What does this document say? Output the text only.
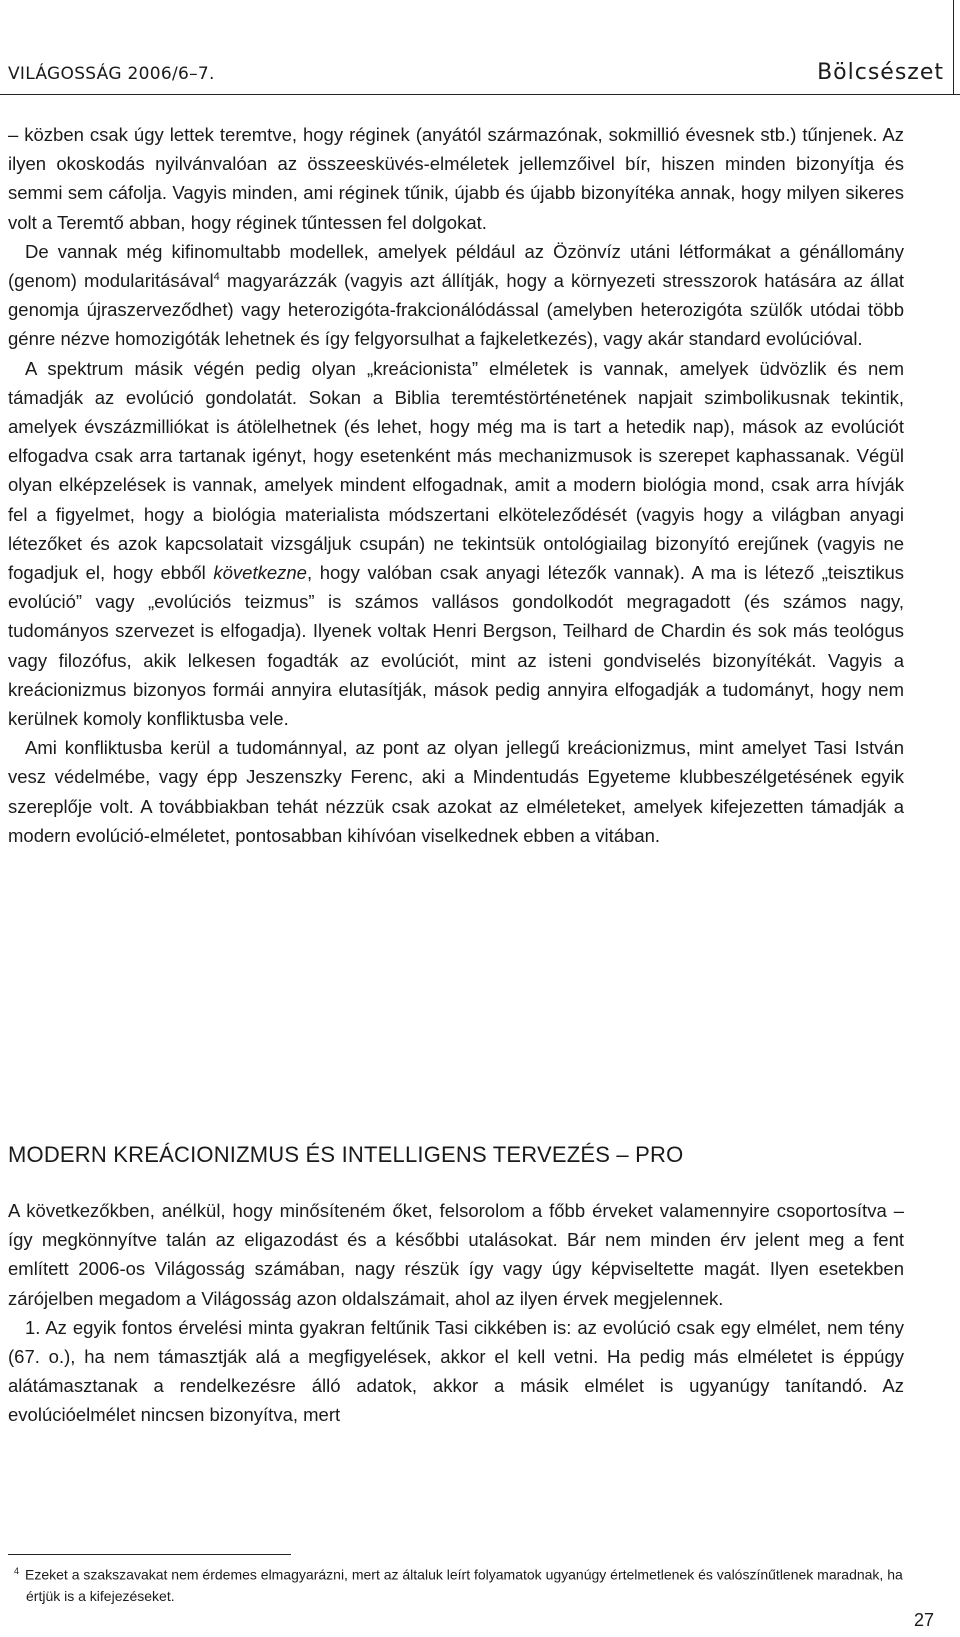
VILÁGOSSÁG 2006/6–7.	Bölcsészet

– közben csak úgy lettek teremtve, hogy réginek (anyától származónak, sokmillió évesnek stb.) tűnjenek. Az ilyen okoskodás nyilvánvalóan az összeesküvés-elméletek jellemzőivel bír, hiszen minden bizonyítja és semmi sem cáfolja. Vagyis minden, ami réginek tűnik, újabb és újabb bizonyítéka annak, hogy milyen sikeres volt a Teremtő abban, hogy réginek tűntessen fel dolgokat.

De vannak még kifinomultabb modellek, amelyek például az Özönvíz utáni létformákat a génállomány (genom) modularitásával$^4$ magyarázzák (vagyis azt állítják, hogy a környezeti stresszorok hatására az állat genomja újraszerveződhet) vagy heterozigóta-frakcionálódással (amelyben heterozigóta szülők utódai több génre nézve homozigóták lehetnek és így felgyorsulhat a fajkeletkezés), vagy akár standard evolúcióval.

A spektrum másik végén pedig olyan „kreácionista” elméletek is vannak, amelyek üdvözlik és nem támadják az evolúció gondolatát. Sokan a Biblia teremtéstörténetének napjait szimbolikusnak tekintik, amelyek évszázmilliókat is átölelhetnek (és lehet, hogy még ma is tart a hetedik nap), mások az evolúciót elfogadva csak arra tartanak igényt, hogy esetenként más mechanizmusok is szerepet kaphassanak. Végül olyan elképzelések is vannak, amelyek mindent elfogadnak, amit a modern biológia mond, csak arra hívják fel a figyelmet, hogy a biológia materialista módszertani elköteleződését (vagyis hogy a világban anyagi létezőket és azok kapcsolatait vizsgáljuk csupán) ne tekintsük ontológiailag bizonyító erejűnek (vagyis ne fogadjuk el, hogy ebből következne, hogy valóban csak anyagi létezők vannak). A ma is létező „teisztikus evolúció” vagy „evolúciós teizmus” is számos vallásos gondolkodót megragadott (és számos nagy, tudományos szervezet is elfogadja). Ilyenek voltak Henri Bergson, Teilhard de Chardin és sok más teológus vagy filozófus, akik lelkesen fogadták az evolúciót, mint az isteni gondviselés bizonyítékát. Vagyis a kreácionizmus bizonyos formái annyira elutasítják, mások pedig annyira elfogadják a tudományt, hogy nem kerülnek komoly konfliktusba vele.

Ami konfliktusba kerül a tudománnyal, az pont az olyan jellegű kreácionizmus, mint amelyet Tasi István vesz védelmébe, vagy épp Jeszenszky Ferenc, aki a Mindentudás Egyeteme klubbeszélgetésének egyik szereplője volt. A továbbiakban tehát nézzük csak azokat az elméleteket, amelyek kifejezetten támadják a modern evolúció-elméletet, pontosabban kihívóan viselkednek ebben a vitában.

MODERN KREÁCIONIZMUS ÉS INTELLIGENS TERVEZÉS – PRO

A következőkben, anélkül, hogy minősíteném őket, felsorolom a főbb érveket valamennyire csoportosítva – így megkönnyítve talán az eligazodást és a későbbi utalásokat. Bár nem minden érv jelent meg a fent említett 2006-os Világosság számában, nagy részük így vagy úgy képviseltette magát. Ilyen esetekben zárójelben megadom a Világosság azon oldalszámait, ahol az ilyen érvek megjelennek.

1. Az egyik fontos érvelési minta gyakran feltűnik Tasi cikkében is: az evolúció csak egy elmélet, nem tény (67. o.), ha nem támasztják alá a megfigyelések, akkor el kell vetni. Ha pedig más elméletet is éppúgy alátámasztanak a rendelkezésre álló adatok, akkor a másik elmélet is ugyanúgy tanítandó. Az evolúcióelmélet nincsen bizonyítva, mert

$^4$ Ezeket a szakszavakat nem érdemes elmagyarázni, mert az általuk leírt folyamatok ugyanúgy értelmetlenek és valószínűtlenek maradnak, ha értjük is a kifejezéseket.
27
